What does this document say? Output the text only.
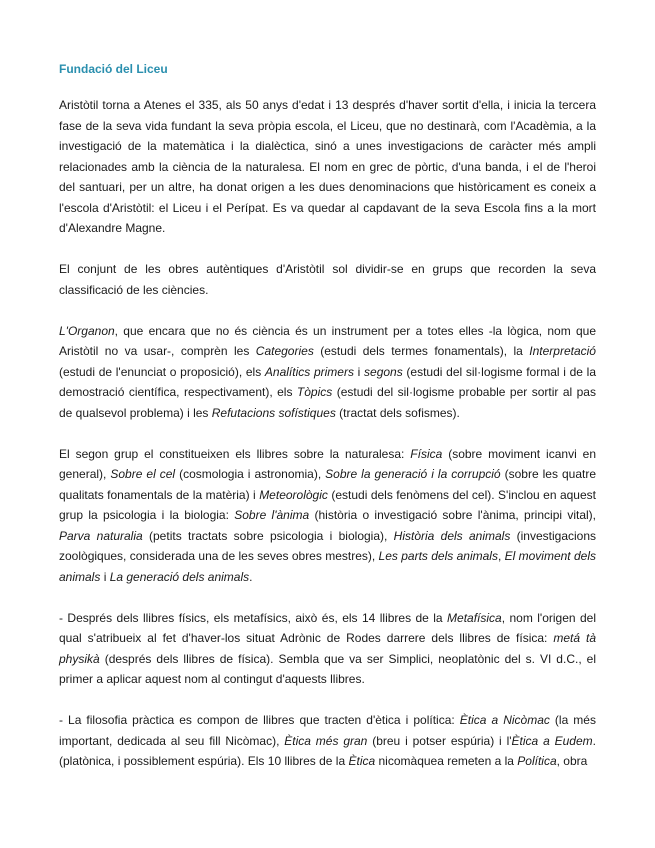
Fundació del Liceu

Aristòtil torna a Atenes el 335, als 50 anys d'edat i 13 després d'haver sortit d'ella, i inicia la tercera fase de la seva vida fundant la seva pròpia escola, el Liceu, que no destinarà, com l'Acadèmia, a la investigació de la matemàtica i la dialèctica, sinó a unes investigacions de caràcter més ampli relacionades amb la ciència de la naturalesa. El nom en grec de pòrtic, d'una banda, i el de l'heroi del santuari, per un altre, ha donat origen a les dues denominacions que històricament es coneix a l'escola d'Aristòtil: el Liceu i el Perípat. Es va quedar al capdavant de la seva Escola fins a la mort d'Alexandre Magne.

El conjunt de les obres autèntiques d'Aristòtil sol dividir-se en grups que recorden la seva classificació de les ciències.

L'Organon, que encara que no és ciència és un instrument per a totes elles -la lògica, nom que Aristòtil no va usar-, comprèn les Categories (estudi dels termes fonamentals), la Interpretació (estudi de l'enunciat o proposició), els Analítics primers i segons (estudi del sil·logisme formal i de la demostració científica, respectivament), els Tòpics (estudi del sil·logisme probable per sortir al pas de qualsevol problema) i les Refutacions sofístiques (tractat dels sofismes).

El segon grup el constitueixen els llibres sobre la naturalesa: Física (sobre moviment icanvi en general), Sobre el cel (cosmologia i astronomia), Sobre la generació i la corrupció (sobre les quatre qualitats fonamentals de la matèria) i Meteorològic (estudi dels fenòmens del cel). S'inclou en aquest grup la psicologia i la biologia: Sobre l'ànima (història o investigació sobre l'ànima, principi vital), Parva naturalia (petits tractats sobre psicologia i biologia), Història dels animals (investigacions zoològiques, considerada una de les seves obres mestres), Les parts dels animals, El moviment dels animals i La generació dels animals.

- Després dels llibres físics, els metafísics, això és, els 14 llibres de la Metafísica, nom l'origen del qual s'atribueix al fet d'haver-los situat Adrònic de Rodes darrere dels llibres de física: metá tà physikà (després dels llibres de física). Sembla que va ser Simplici, neoplatònic del s. VI d.C., el primer a aplicar aquest nom al contingut d'aquests llibres.

- La filosofia pràctica es compon de llibres que tracten d'ètica i política: Ètica a Nicòmac (la més important, dedicada al seu fill Nicòmac), Ètica més gran (breu i potser espúria) i l'Ètica a Eudem. (platònica, i possiblement espúria). Els 10 llibres de la Ètica nicomàquea remeten a la Política, obra
